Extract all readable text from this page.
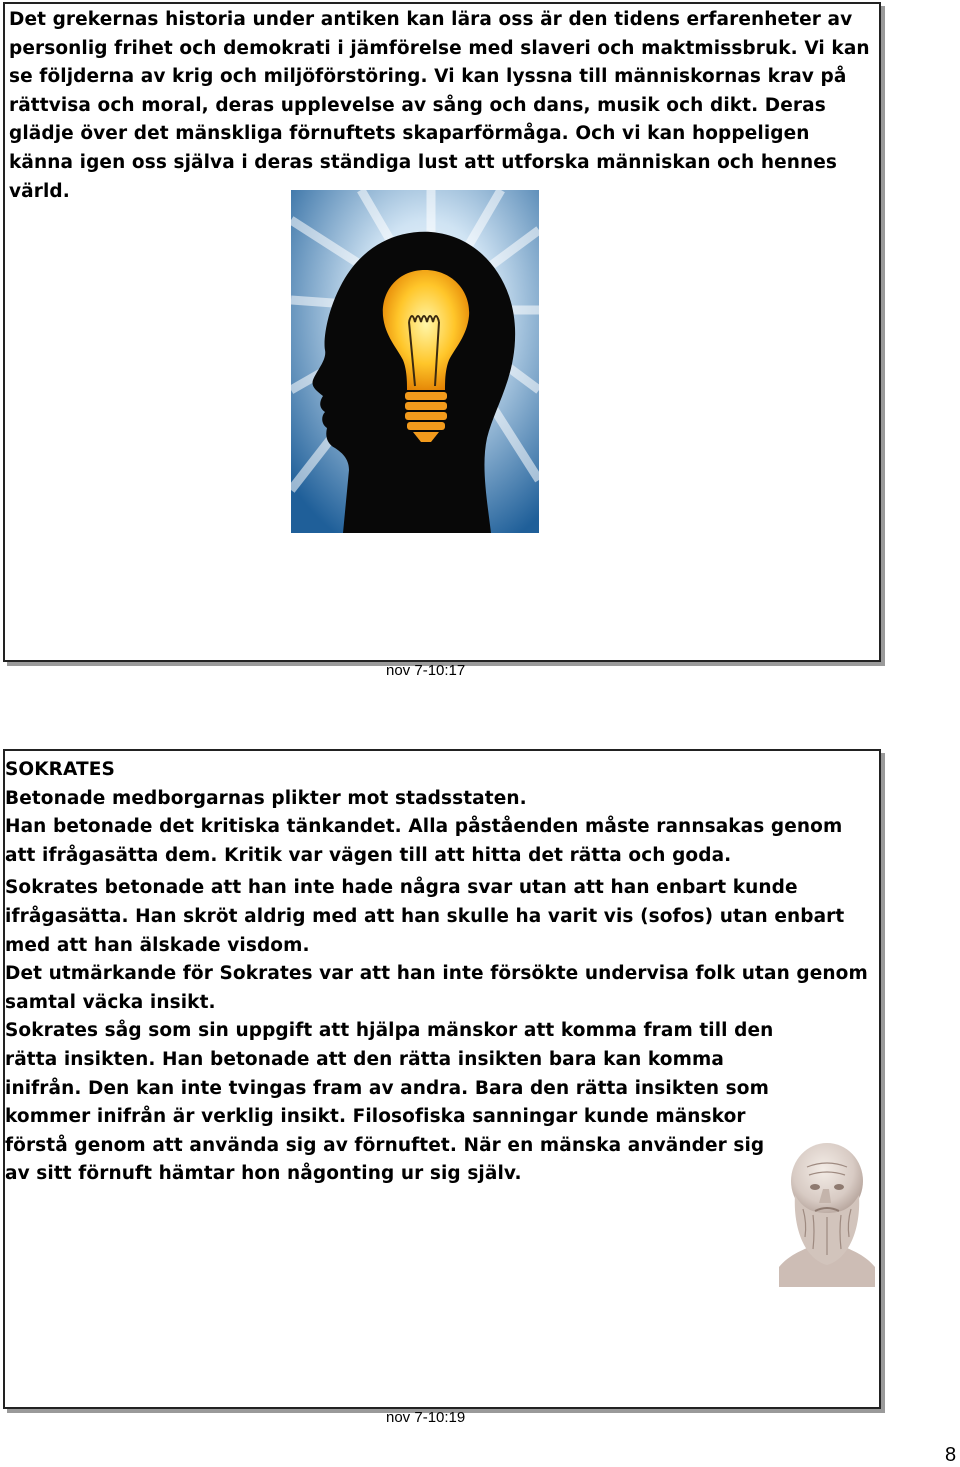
Det grekernas historia under antiken kan lära oss är den tidens erfarenheter av personlig frihet och demokrati i jämförelse med slaveri och maktmissbruk. Vi kan se följderna av krig och miljöförstöring. Vi kan lyssna till människornas krav på rättvisa och moral, deras upplevelse av sång och dans, musik och dikt. Deras glädje över det mänskliga förnuftets skaparförmåga. Och vi kan hoppeligen känna igen oss själva i deras ständiga lust att utforska människan och hennes värld.
nov 7-10:17

SOKRATES

Betonade medborgarnas plikter mot stadsstaten.

Han betonade det kritiska tänkandet. Alla påståenden måste rannsakas genom att ifrågasätta dem. Kritik var vägen till att hitta det rätta och goda.

Sokrates betonade att han inte hade några svar utan att han enbart kunde ifrågasätta. Han skröt aldrig med att han skulle ha varit vis (sofos) utan enbart med att han älskade visdom.

Det utmärkande för Sokrates var att han inte försökte undervisa folk utan genom samtal väcka insikt.

Sokrates såg som sin uppgift att hjälpa mänskor att komma fram till den rätta insikten. Han betonade att den rätta insikten bara kan komma inifrån. Den kan inte tvingas fram av andra. Bara den rätta insikten som kommer inifrån är verklig insikt. Filosofiska sanningar kunde mänskor förstå genom att använda sig av förnuftet. När en mänska använder sig av sitt förnuft hämtar hon någonting ur sig själv.

nov 7-10:19
8
